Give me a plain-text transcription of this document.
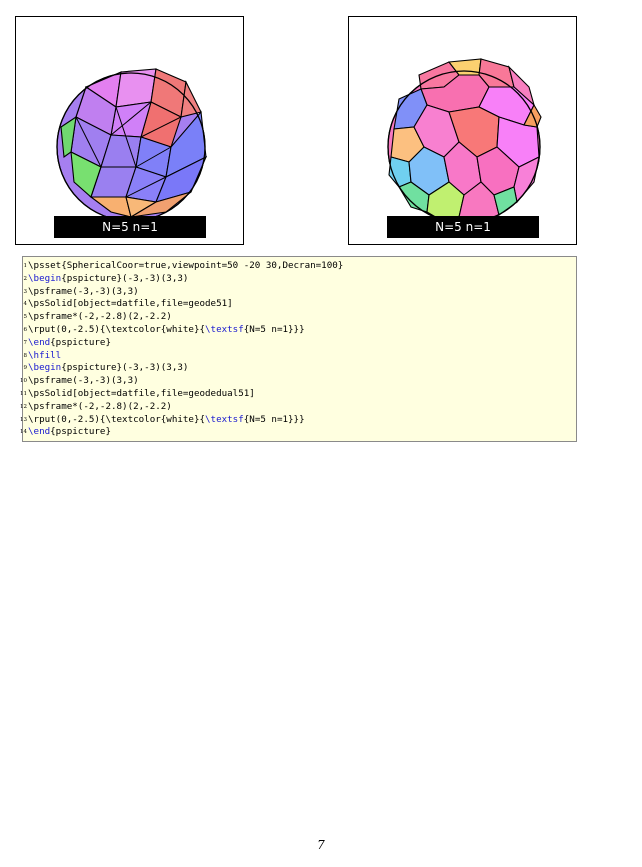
N=5 n=1	N=5 n=1
1 \psset{SphericalCoor=true,viewpoint=50 -20 30,Decran=100}
2 \begin{pspicture}(-3,-3)(3,3)
3 \psframe(-3,-3)(3,3)
4 \psSolid[object=datfile,file=geode51]
5 \psframe*(-2,-2.8)(2,-2.2)
6 \rput(0,-2.5){\textcolor{white}{\textsf{N=5 n=1}}}
7 \end{pspicture}
8 \hfill
9 \begin{pspicture}(-3,-3)(3,3)
10 \psframe(-3,-3)(3,3)
11 \psSolid[object=datfile,file=geodedual51]
12 \psframe*(-2,-2.8)(2,-2.2)
13 \rput(0,-2.5){\textcolor{white}{\textsf{N=5 n=1}}}
14 \end{pspicture}
7
